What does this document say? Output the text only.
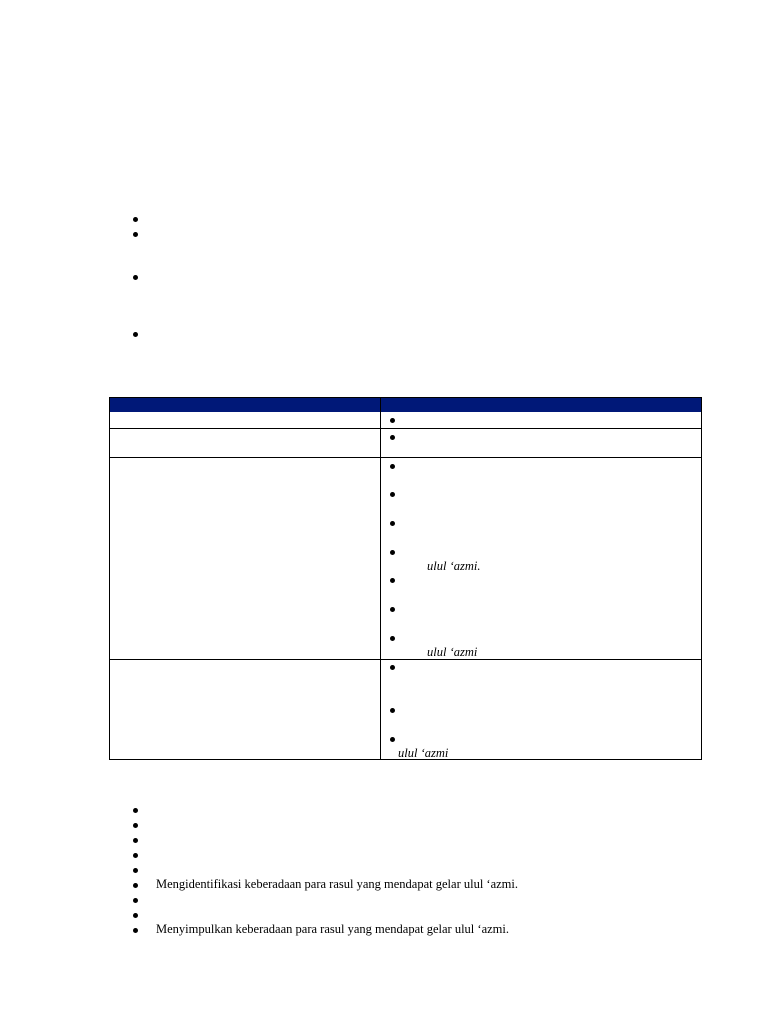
ulul ‘azmi.
ulul ‘azmi
ulul ‘azmi
Mengidentifikasi keberadaan para rasul yang mendapat gelar ulul ‘azmi.
Menyimpulkan keberadaan para rasul yang mendapat gelar ulul ‘azmi.
